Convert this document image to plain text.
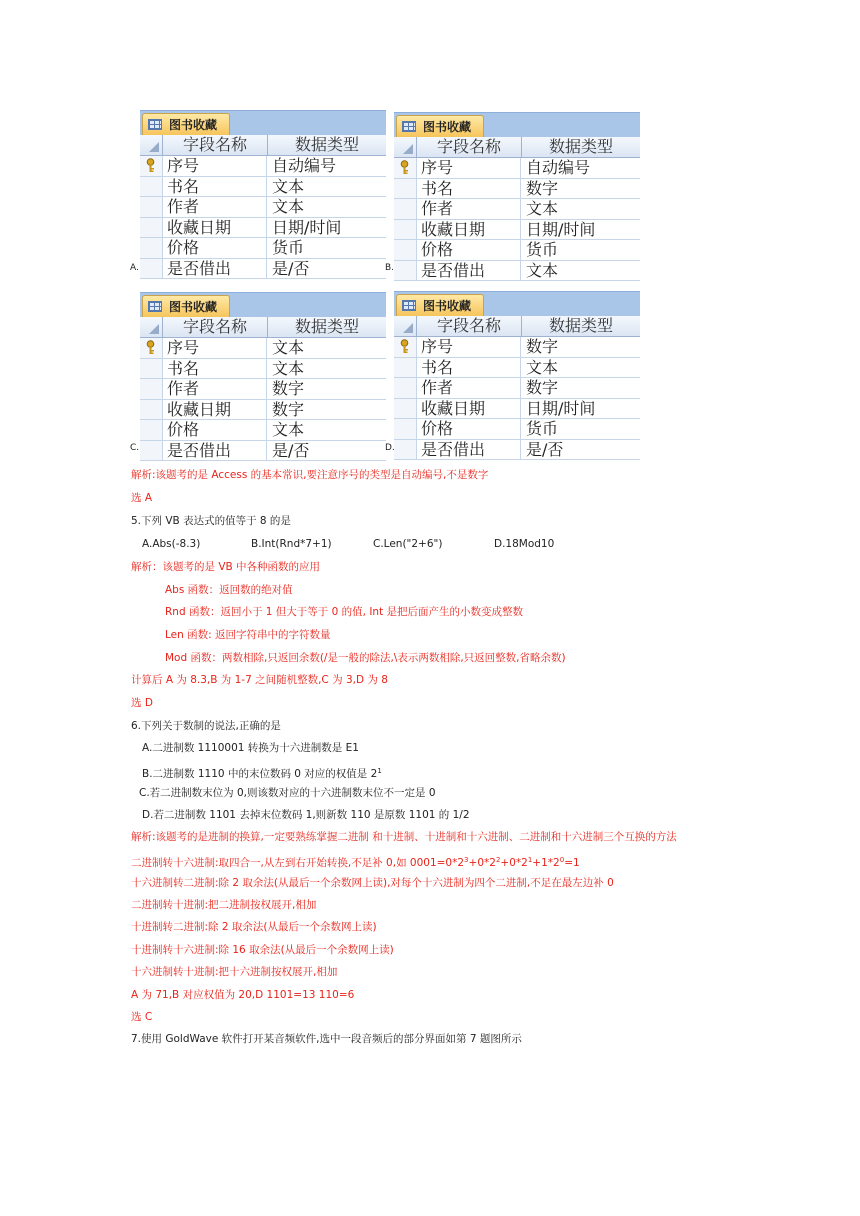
图书收藏
字段名称	数据类型
序号	自动编号
书名	文本
作者	文本
收藏日期	日期/时间
价格	货币
是否借出	是/否
A.
图书收藏
字段名称	数据类型
序号	自动编号
书名	数字
作者	文本
收藏日期	日期/时间
价格	货币
是否借出	文本
B.
图书收藏
字段名称	数据类型
序号	文本
书名	文本
作者	数字
收藏日期	数字
价格	文本
是否借出	是/否
C.
图书收藏
字段名称	数据类型
序号	数字
书名	文本
作者	数字
收藏日期	日期/时间
价格	货币
是否借出	是/否
D.
解析:该题考的是 Access 的基本常识,要注意序号的类型是自动编号,不是数字
选 A
5.下列 VB 表达式的值等于 8 的是
A.Abs(-8.3)	B.Int(Rnd*7+1)	C.Len("2+6")	D.18Mod10
解析：该题考的是 VB 中各种函数的应用
Abs 函数：返回数的绝对值
Rnd 函数：返回小于 1 但大于等于 0 的值, Int 是把后面产生的小数变成整数
Len 函数: 返回字符串中的字符数量
Mod 函数：两数相除,只返回余数(/是一般的除法,\表示两数相除,只返回整数,省略余数)
计算后 A 为 8.3,B 为 1-7 之间随机整数,C 为 3,D 为 8
选 D
6.下列关于数制的说法,正确的是
A.二进制数 1110001 转换为十六进制数是 E1
B.二进制数 1110 中的末位数码 0 对应的权值是 $2^1$
C.若二进制数末位为 0,则该数对应的十六进制数末位不一定是 0
D.若二进制数 1101 去掉末位数码 1,则新数 110 是原数 1101 的 1/2
解析:该题考的是进制的换算,一定要熟练掌握二进制 和十进制、十进制和十六进制、二进制和十六进制三个互换的方法
二进制转十六进制:取四合一,从左到右开始转换,不足补 0,如 $0001=0*2^3+0*2^2+0*2^1+1*2^0=1$
十六进制转二进制:除 2 取余法(从最后一个余数网上读),对每个十六进制为四个二进制,不足在最左边补 0
二进制转十进制:把二进制按权展开,相加
十进制转二进制:除 2 取余法(从最后一个余数网上读)
十进制转十六进制:除 16 取余法(从最后一个余数网上读)
十六进制转十进制:把十六进制按权展开,相加
A 为 71,B 对应权值为 20,D 1101=13 110=6
选 C
7.使用 GoldWave 软件打开某音频软件,选中一段音频后的部分界面如第 7 题图所示
